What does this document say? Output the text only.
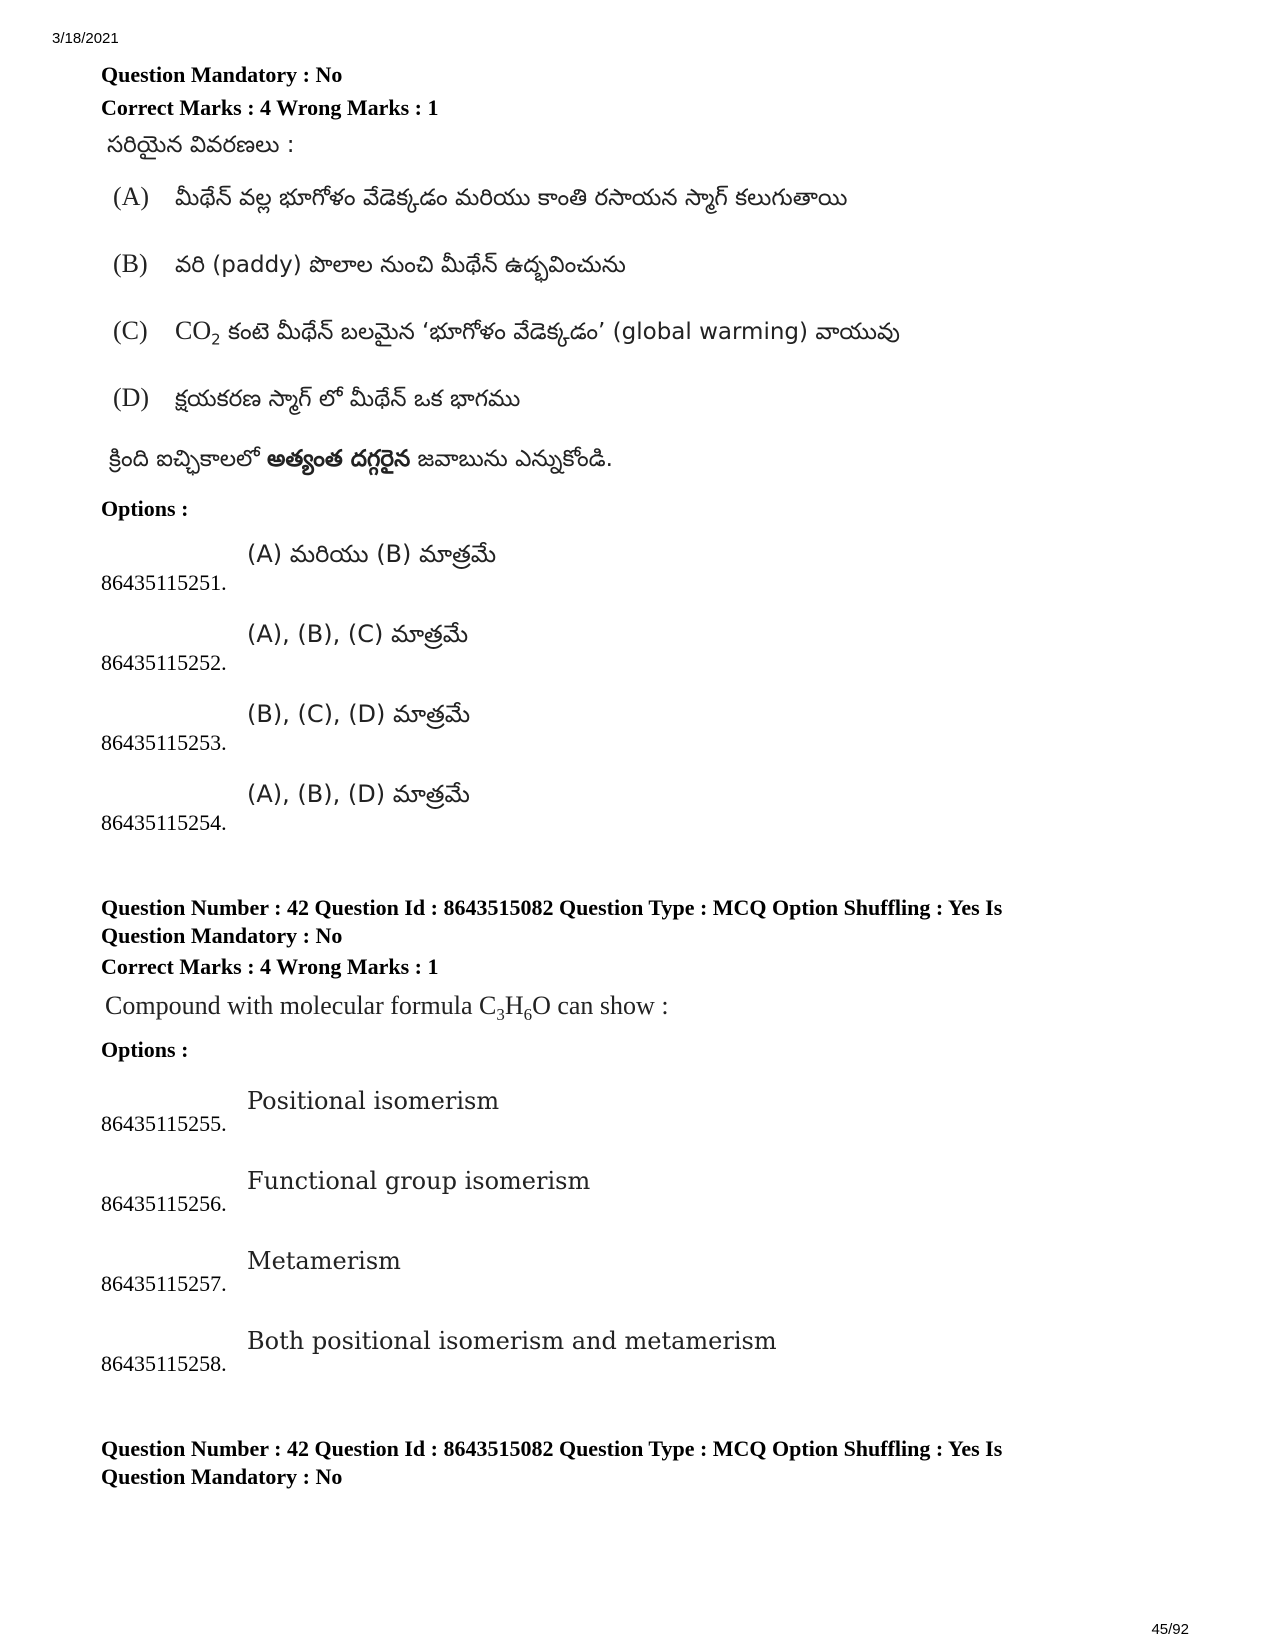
3/18/2021
Question Mandatory : No
Correct Marks : 4 Wrong Marks : 1
సరియైన వివరణలు :
(A)	మీథేన్ వల్ల భూగోళం వేడెక్కడం మరియు కాంతి రసాయన స్మాగ్ కలుగుతాయి
(B)	వరి (paddy) పొలాల నుంచి మీథేన్ ఉద్భవించును
(C)	$CO_2$ కంటె మీథేన్ బలమైన ‘భూగోళం వేడెక్కడం’ (global warming) వాయువు
(D)	క్షయకరణ స్మాగ్ లో మీథేన్ ఒక భాగము
క్రింది ఐచ్ఛికాలలో అత్యంత దగ్గరైన జవాబును ఎన్నుకోండి.
Options :
86435115251.
(A) మరియు (B) మాత్రమే
86435115252.
(A), (B), (C) మాత్రమే
86435115253.
(B), (C), (D) మాత్రమే
86435115254.
(A), (B), (D) మాత్రమే
Question Number : 42 Question Id : 8643515082 Question Type : MCQ Option Shuffling : Yes Is
Question Mandatory : No
Correct Marks : 4 Wrong Marks : 1
Compound with molecular formula $C_3H_6O$ can show :
Options :
86435115255.
Positional isomerism
86435115256.
Functional group isomerism
86435115257.
Metamerism
86435115258.
Both positional isomerism and metamerism
Question Number : 42 Question Id : 8643515082 Question Type : MCQ Option Shuffling : Yes Is
Question Mandatory : No
45/92
